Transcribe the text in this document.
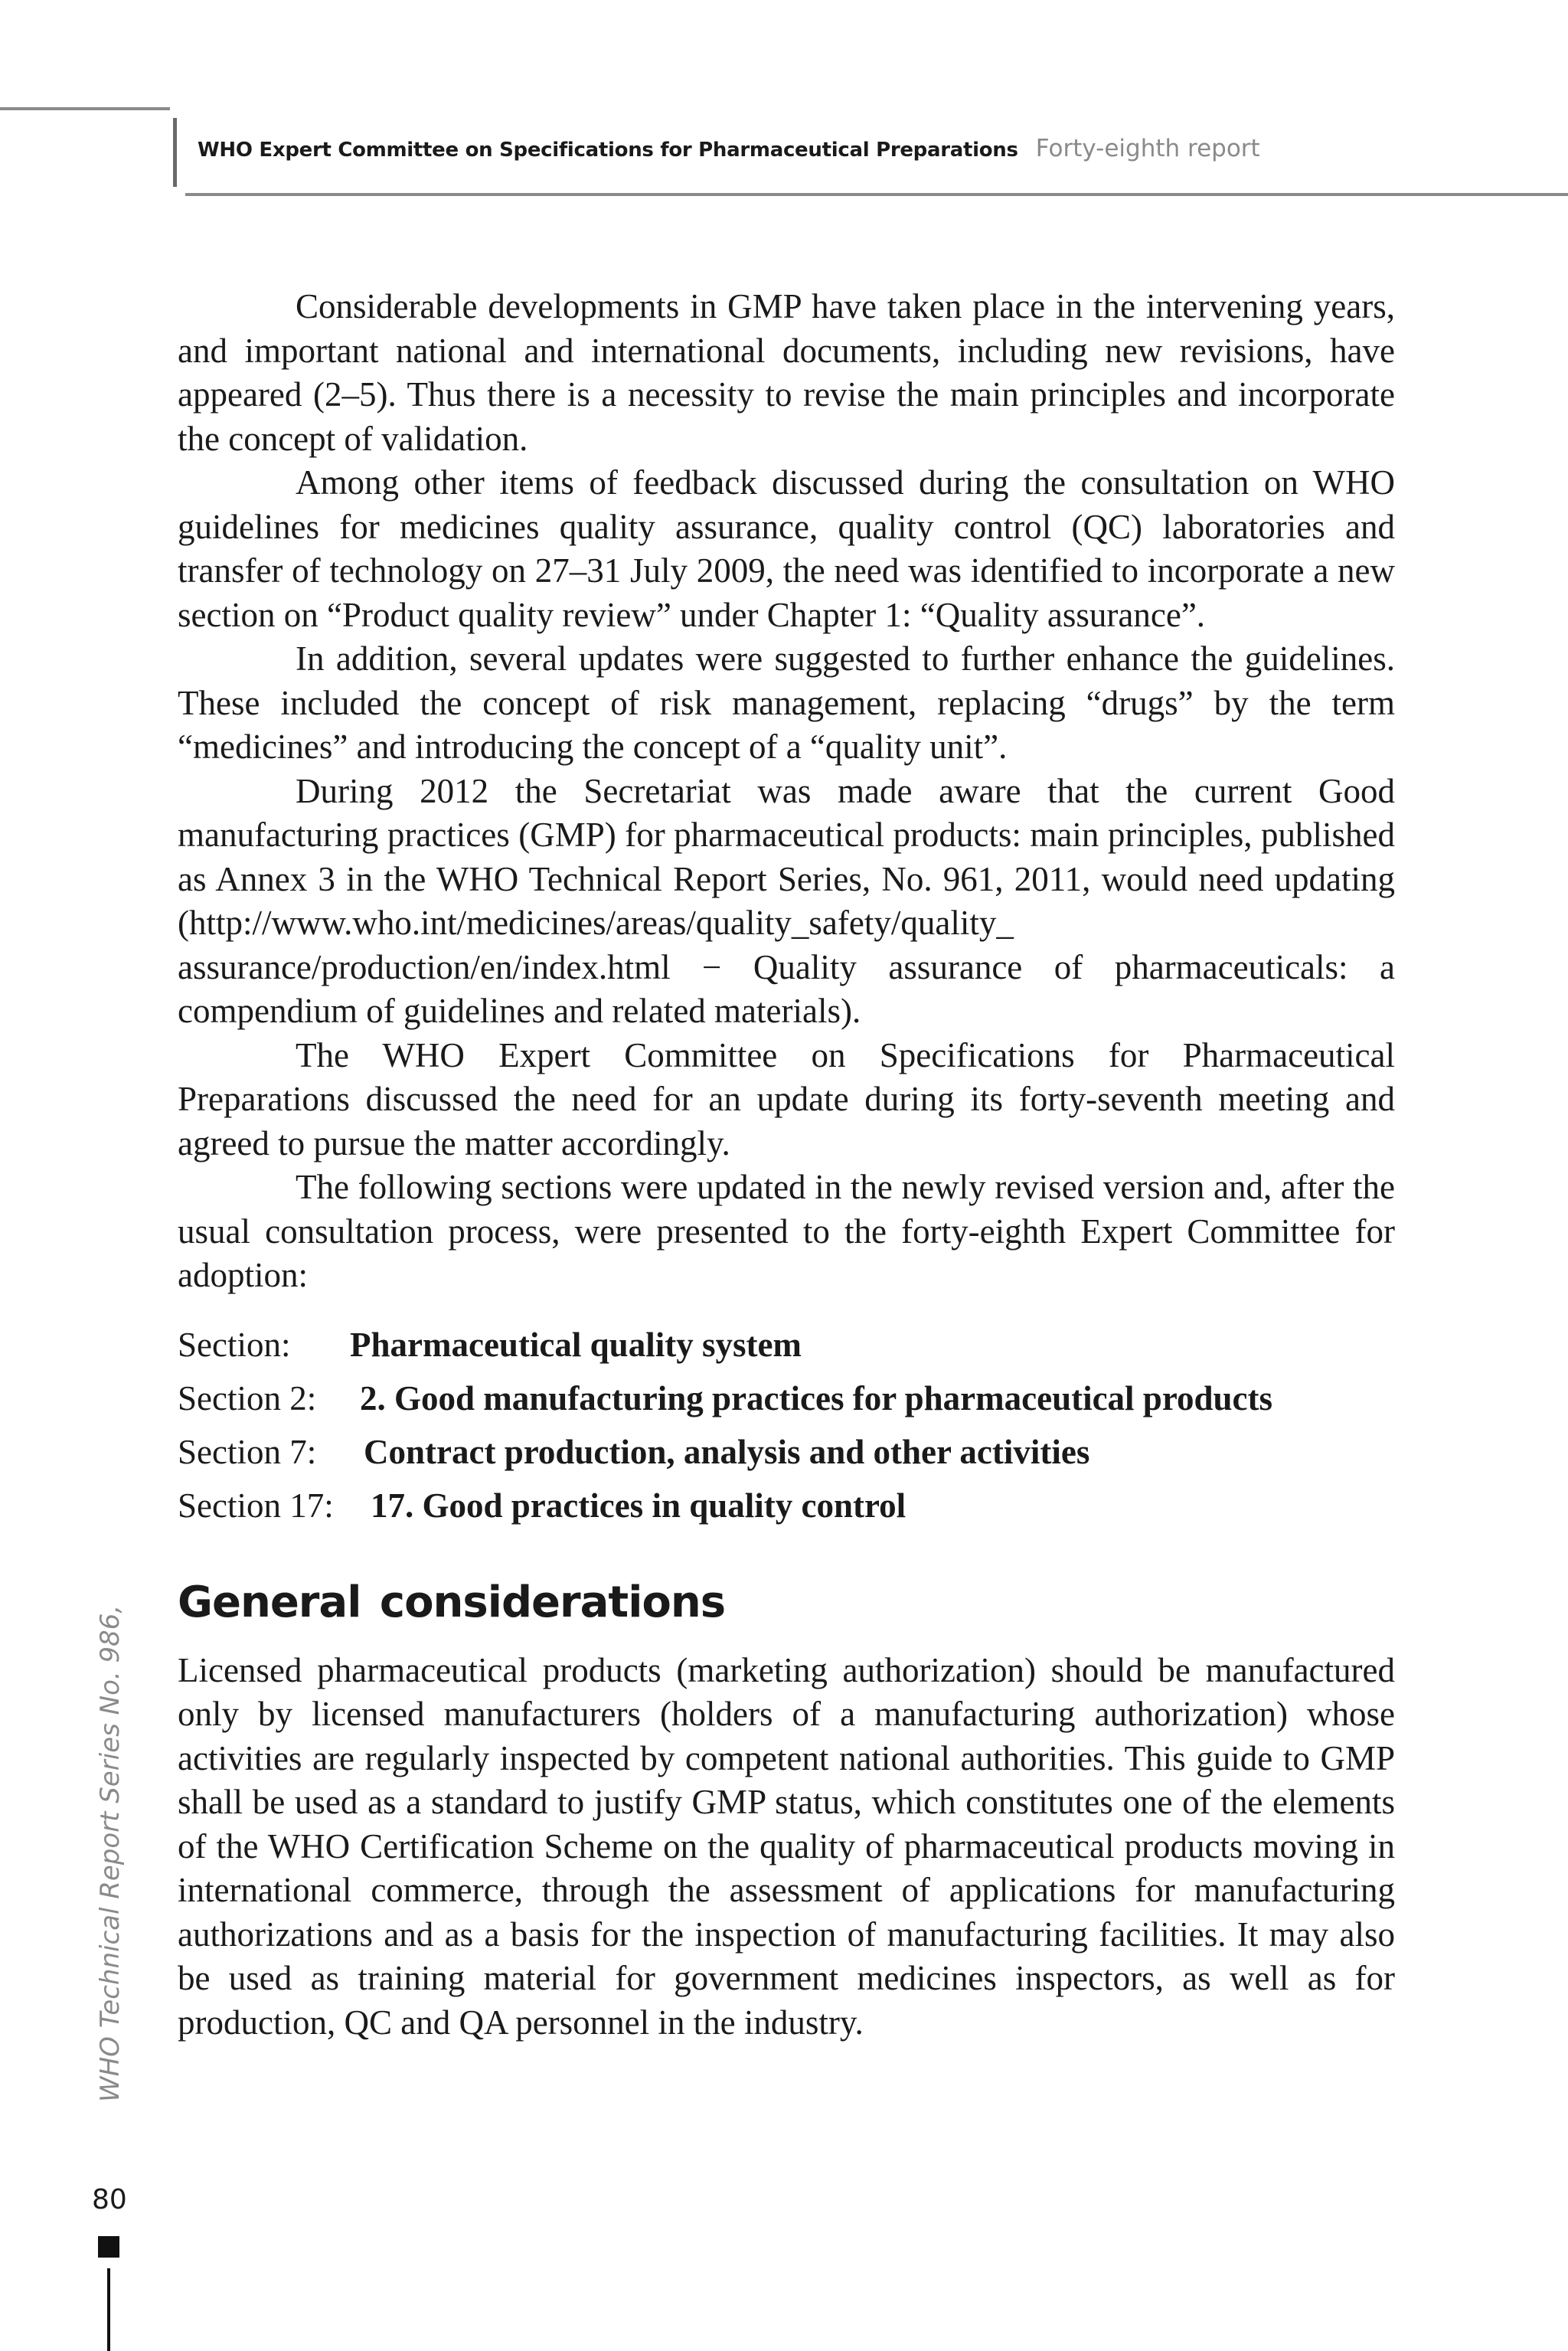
WHO Expert Committee on Specifications for Pharmaceutical Preparations Forty-eighth report

Considerable developments in GMP have taken place in the intervening years, and important national and international documents, including new revisions, have appeared (2–5). Thus there is a necessity to revise the main principles and incorporate the concept of validation.

Among other items of feedback discussed during the consultation on WHO guidelines for medicines quality assurance, quality control (QC) laboratories and transfer of technology on 27–31 July 2009, the need was identified to incorporate a new section on “Product quality review” under Chapter 1: “Quality assurance”.

In addition, several updates were suggested to further enhance the guidelines. These included the concept of risk management, replacing “drugs” by the term “medicines” and introducing the concept of a “quality unit”.

During 2012 the Secretariat was made aware that the current Good manufacturing practices (GMP) for pharmaceutical products: main principles, published as Annex 3 in the WHO Technical Report Series, No. 961, 2011, would need updating (http://www.who.int/medicines/areas/quality_safety/quality_ assurance/production/en/index.html − Quality assurance of pharmaceuticals: a compendium of guidelines and related materials).

The WHO Expert Committee on Specifications for Pharmaceutical Preparations discussed the need for an update during its forty-seventh meeting and agreed to pursue the matter accordingly.

The following sections were updated in the newly revised version and, after the usual consultation process, were presented to the forty-eighth Expert Committee for adoption:

Section: Pharmaceutical quality system
Section 2: 2. Good manufacturing practices for pharmaceutical products
Section 7: Contract production, analysis and other activities
Section 17: 17. Good practices in quality control
General considerations

Licensed pharmaceutical products (marketing authorization) should be manufactured only by licensed manufacturers (holders of a manufacturing authorization) whose activities are regularly inspected by competent national authorities. This guide to GMP shall be used as a standard to justify GMP status, which constitutes one of the elements of the WHO Certification Scheme on the quality of pharmaceutical products moving in international commerce, through the assessment of applications for manufacturing authorizations and as a basis for the inspection of manufacturing facilities. It may also be used as training material for government medicines inspectors, as well as for production, QC and QA personnel in the industry.

WHO Technical Report Series No. 986,
80
